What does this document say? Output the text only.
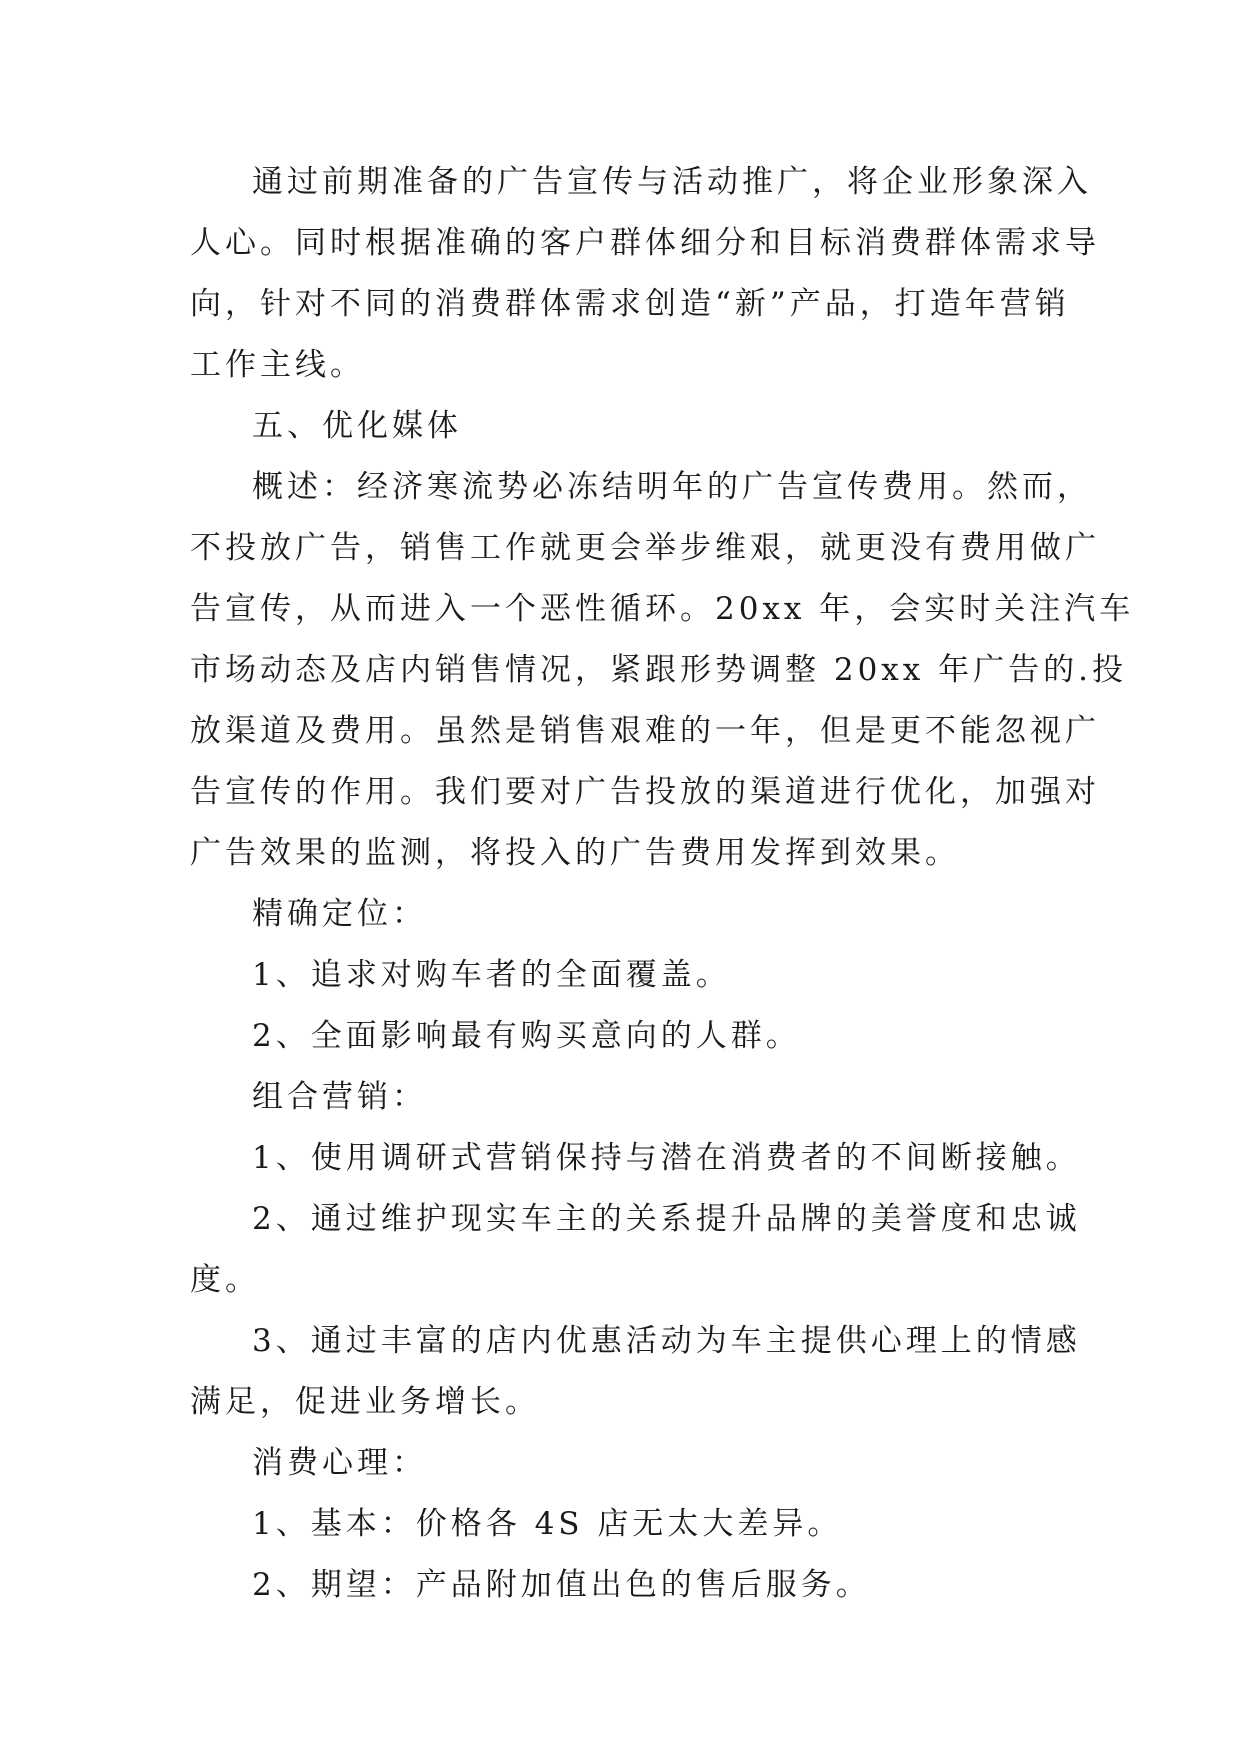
通过前期准备的广告宣传与活动推广，将企业形象深入
人心。同时根据准确的客户群体细分和目标消费群体需求导
向，针对不同的消费群体需求创造“新”产品，打造年营销
工作主线。
五、优化媒体
概述：经济寒流势必冻结明年的广告宣传费用。然而，
不投放广告，销售工作就更会举步维艰，就更没有费用做广
告宣传，从而进入一个恶性循环。20xx 年，会实时关注汽车
市场动态及店内销售情况，紧跟形势调整 20xx 年广告的.投
放渠道及费用。虽然是销售艰难的一年，但是更不能忽视广
告宣传的作用。我们要对广告投放的渠道进行优化，加强对
广告效果的监测，将投入的广告费用发挥到效果。
精确定位：
1、追求对购车者的全面覆盖。
2、全面影响最有购买意向的人群。
组合营销：
1、使用调研式营销保持与潜在消费者的不间断接触。
2、通过维护现实车主的关系提升品牌的美誉度和忠诚
度。
3、通过丰富的店内优惠活动为车主提供心理上的情感
满足，促进业务增长。
消费心理：
1、基本：价格各 4S 店无太大差异。
2、期望：产品附加值出色的售后服务。
